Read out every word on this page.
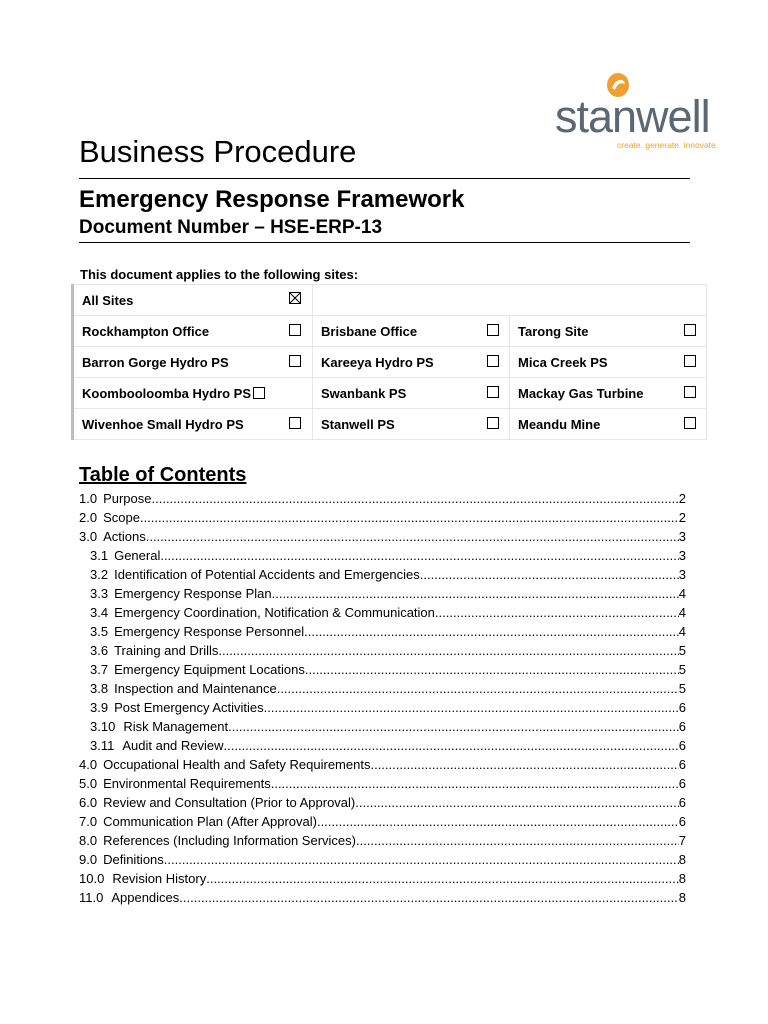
stanwell
create. generate. innovate.
Business Procedure
Emergency Response Framework
Document Number – HSE-ERP-13
This document applies to the following sites:
All Sites	

Rockhampton Office	Brisbane Office	Tarong Site

Barron Gorge Hydro PS	Kareeya Hydro PS	Mica Creek PS

Koombooloomba Hydro PS	Swanbank PS	Mackay Gas Turbine

Wivenhoe Small Hydro PS	Stanwell PS	Meandu Mine
Table of Contents
1.0 Purpose .....	2
2.0 Scope .....	2
3.0 Actions .....	3
3.1 General .....	3
3.2 Identification of Potential Accidents and Emergencies .....	3
3.3 Emergency Response Plan .....	4
3.4 Emergency Coordination, Notification & Communication .....	4
3.5 Emergency Response Personnel .....	4
3.6 Training and Drills .....	5
3.7 Emergency Equipment Locations .....	5
3.8 Inspection and Maintenance .....	5
3.9 Post Emergency Activities .....	6
3.10 Risk Management .....	6
3.11 Audit and Review .....	6
4.0 Occupational Health and Safety Requirements .....	6
5.0 Environmental Requirements .....	6
6.0 Review and Consultation (Prior to Approval) .....	6
7.0 Communication Plan (After Approval) .....	6
8.0 References (Including Information Services) .....	7
9.0 Definitions .....	8
10.0 Revision History .....	8
11.0 Appendices .....	8
